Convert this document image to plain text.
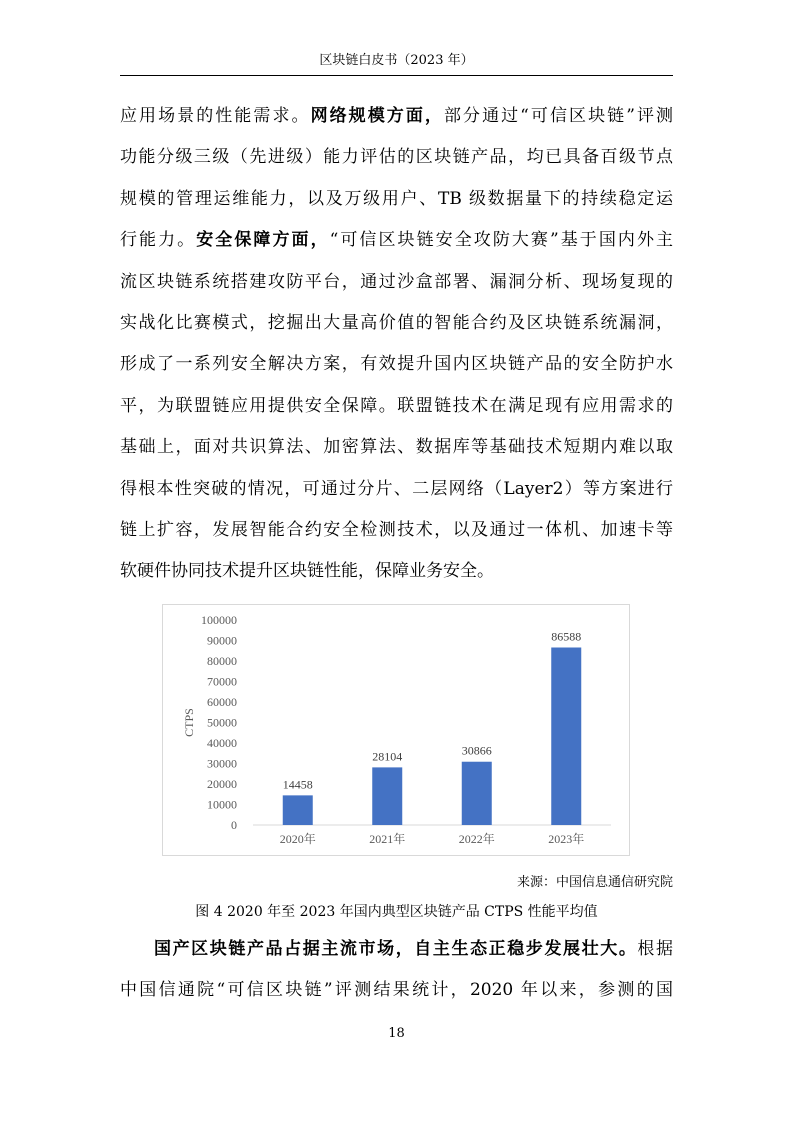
区块链白皮书（2023 年）
应用场景的性能需求。网络规模方面，部分通过“可信区块链”评测
功能分级三级（先进级）能力评估的区块链产品，均已具备百级节点
规模的管理运维能力，以及万级用户、TB 级数据量下的持续稳定运
行能力。安全保障方面，“可信区块链安全攻防大赛”基于国内外主
流区块链系统搭建攻防平台，通过沙盒部署、漏洞分析、现场复现的
实战化比赛模式，挖掘出大量高价值的智能合约及区块链系统漏洞，
形成了一系列安全解决方案，有效提升国内区块链产品的安全防护水
平，为联盟链应用提供安全保障。联盟链技术在满足现有应用需求的
基础上，面对共识算法、加密算法、数据库等基础技术短期内难以取
得根本性突破的情况，可通过分片、二层网络（Layer2）等方案进行
链上扩容，发展智能合约安全检测技术，以及通过一体机、加速卡等
软硬件协同技术提升区块链性能，保障业务安全。
0
10000
20000
30000
40000
50000
60000
70000
80000
90000
100000
CTPS
14458
2020年
28104
2021年
30866
2022年
86588
2023年
来源：中国信息通信研究院
图 4 2020 年至 2023 年国内典型区块链产品 CTPS 性能平均值
国产区块链产品占据主流市场，自主生态正稳步发展壮大。根据
中国信通院“可信区块链”评测结果统计，2020 年以来，参测的国
18
